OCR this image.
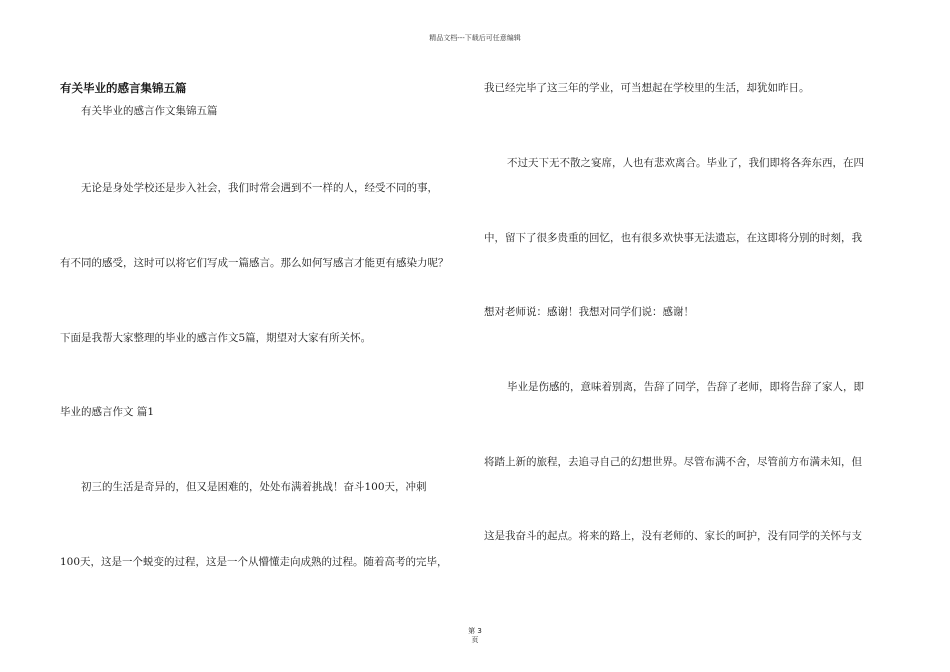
精品文档---下载后可任意编辑
有关毕业的感言集锦五篇
有关毕业的感言作文集锦五篇
无论是身处学校还是步入社会，我们时常会遇到不一样的人，经受不同的事，
有不同的感受，这时可以将它们写成一篇感言。那么如何写感言才能更有感染力呢？
下面是我帮大家整理的毕业的感言作文5篇，期望对大家有所关怀。
毕业的感言作文 篇1
初三的生活是奇异的，但又是困难的，处处布满着挑战！奋斗100天，冲刺
100天，这是一个蜕变的过程，这是一个从懵懂走向成熟的过程。随着高考的完毕，
我已经完毕了这三年的学业，可当想起在学校里的生活，却犹如昨日。
不过天下无不散之宴席，人也有悲欢离合。毕业了，我们即将各奔东西，在四
中，留下了很多贵重的回忆，也有很多欢快事无法遗忘，在这即将分别的时刻，我
想对老师说：感谢！我想对同学们说：感谢！
毕业是伤感的，意味着别离，告辞了同学，告辞了老师，即将告辞了家人，即
将踏上新的旅程，去追寻自己的幻想世界。尽管布满不舍，尽管前方布满未知，但
这是我奋斗的起点。将来的路上，没有老师的、家长的呵护，没有同学的关怀与支
第 3
页
